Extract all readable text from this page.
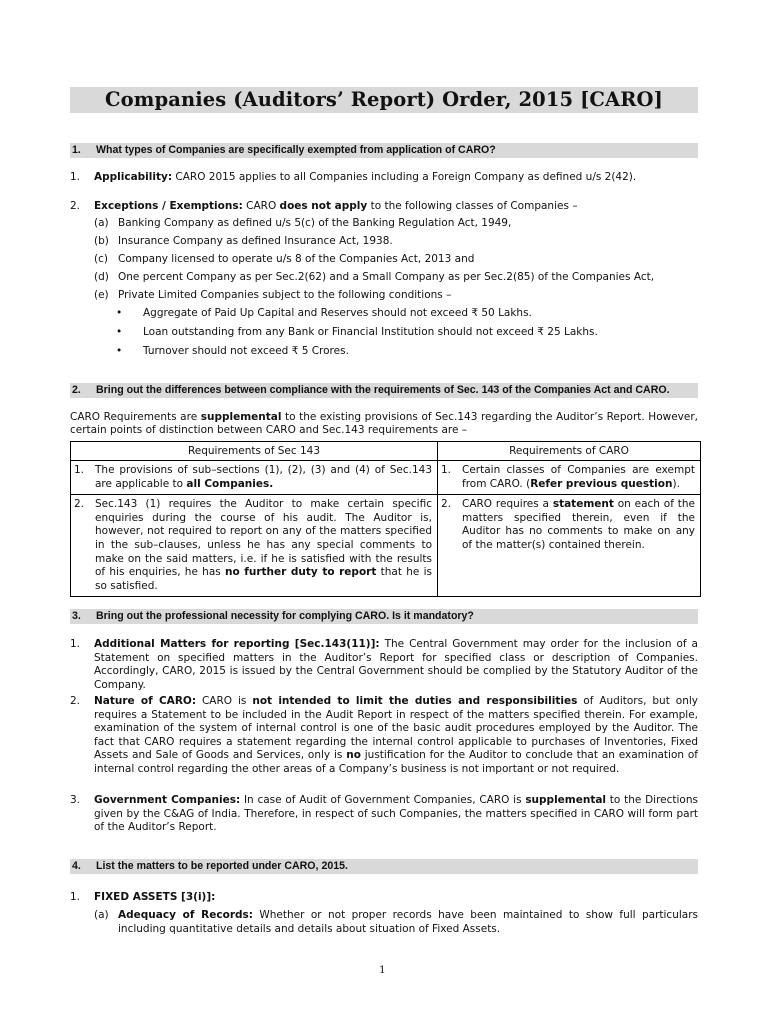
Companies (Auditors’ Report) Order, 2015 [CARO]
1. What types of Companies are specifically exempted from application of CARO?
1. Applicability: CARO 2015 applies to all Companies including a Foreign Company as defined u/s 2(42).
2. Exceptions / Exemptions: CARO does not apply to the following classes of Companies –
(a) Banking Company as defined u/s 5(c) of the Banking Regulation Act, 1949,
(b) Insurance Company as defined Insurance Act, 1938.
(c) Company licensed to operate u/s 8 of the Companies Act, 2013 and
(d) One percent Company as per Sec.2(62) and a Small Company as per Sec.2(85) of the Companies Act,
(e) Private Limited Companies subject to the following conditions –
• Aggregate of Paid Up Capital and Reserves should not exceed ₹ 50 Lakhs.
• Loan outstanding from any Bank or Financial Institution should not exceed ₹ 25 Lakhs.
• Turnover should not exceed ₹ 5 Crores.
2. Bring out the differences between compliance with the requirements of Sec. 143 of the Companies Act and CARO.
CARO Requirements are supplemental to the existing provisions of Sec.143 regarding the Auditor’s Report. However, certain points of distinction between CARO and Sec.143 requirements are –
Requirements of Sec 143	Requirements of CARO

1. The provisions of sub–sections (1), (2), (3) and (4) of Sec.143 are applicable to all Companies.	1. Certain classes of Companies are exempt from CARO. (Refer previous question).

2. Sec.143 (1) requires the Auditor to make certain specific enquiries during the course of his audit. The Auditor is, however, not required to report on any of the matters specified in the sub–clauses, unless he has any special comments to make on the said matters, i.e. if he is satisfied with the results of his enquiries, he has no further duty to report that he is so satisfied.	2. CARO requires a statement on each of the matters specified therein, even if the Auditor has no comments to make on any of the matter(s) contained therein.
3. Bring out the professional necessity for complying CARO. Is it mandatory?
1. Additional Matters for reporting [Sec.143(11)]: The Central Government may order for the inclusion of a Statement on specified matters in the Auditor’s Report for specified class or description of Companies. Accordingly, CARO, 2015 is issued by the Central Government should be complied by the Statutory Auditor of the Company.
2. Nature of CARO: CARO is not intended to limit the duties and responsibilities of Auditors, but only requires a Statement to be included in the Audit Report in respect of the matters specified therein. For example, examination of the system of internal control is one of the basic audit procedures employed by the Auditor. The fact that CARO requires a statement regarding the internal control applicable to purchases of Inventories, Fixed Assets and Sale of Goods and Services, only is no justification for the Auditor to conclude that an examination of internal control regarding the other areas of a Company’s business is not important or not required.
3. Government Companies: In case of Audit of Government Companies, CARO is supplemental to the Directions given by the C&AG of India. Therefore, in respect of such Companies, the matters specified in CARO will form part of the Auditor’s Report.
4. List the matters to be reported under CARO, 2015.
1. FIXED ASSETS [3(i)]:
(a) Adequacy of Records: Whether or not proper records have been maintained to show full particulars including quantitative details and details about situation of Fixed Assets.
1
